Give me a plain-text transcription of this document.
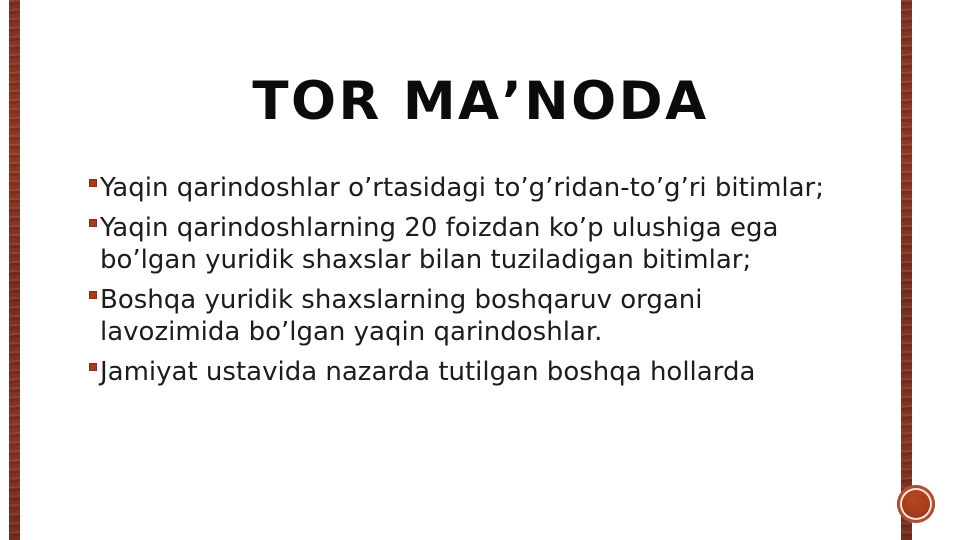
TOR MAʼNODA
Yaqin qarindoshlar oʼrtasidagi toʼgʼridan-toʼgʼri bitimlar;
Yaqin qarindoshlarning 20 foizdan koʼp ulushiga ega boʼlgan yuridik shaxslar bilan tuziladigan bitimlar;
Boshqa yuridik shaxslarning boshqaruv organi lavozimida boʼlgan yaqin qarindoshlar.
Jamiyat ustavida nazarda tutilgan boshqa hollarda
